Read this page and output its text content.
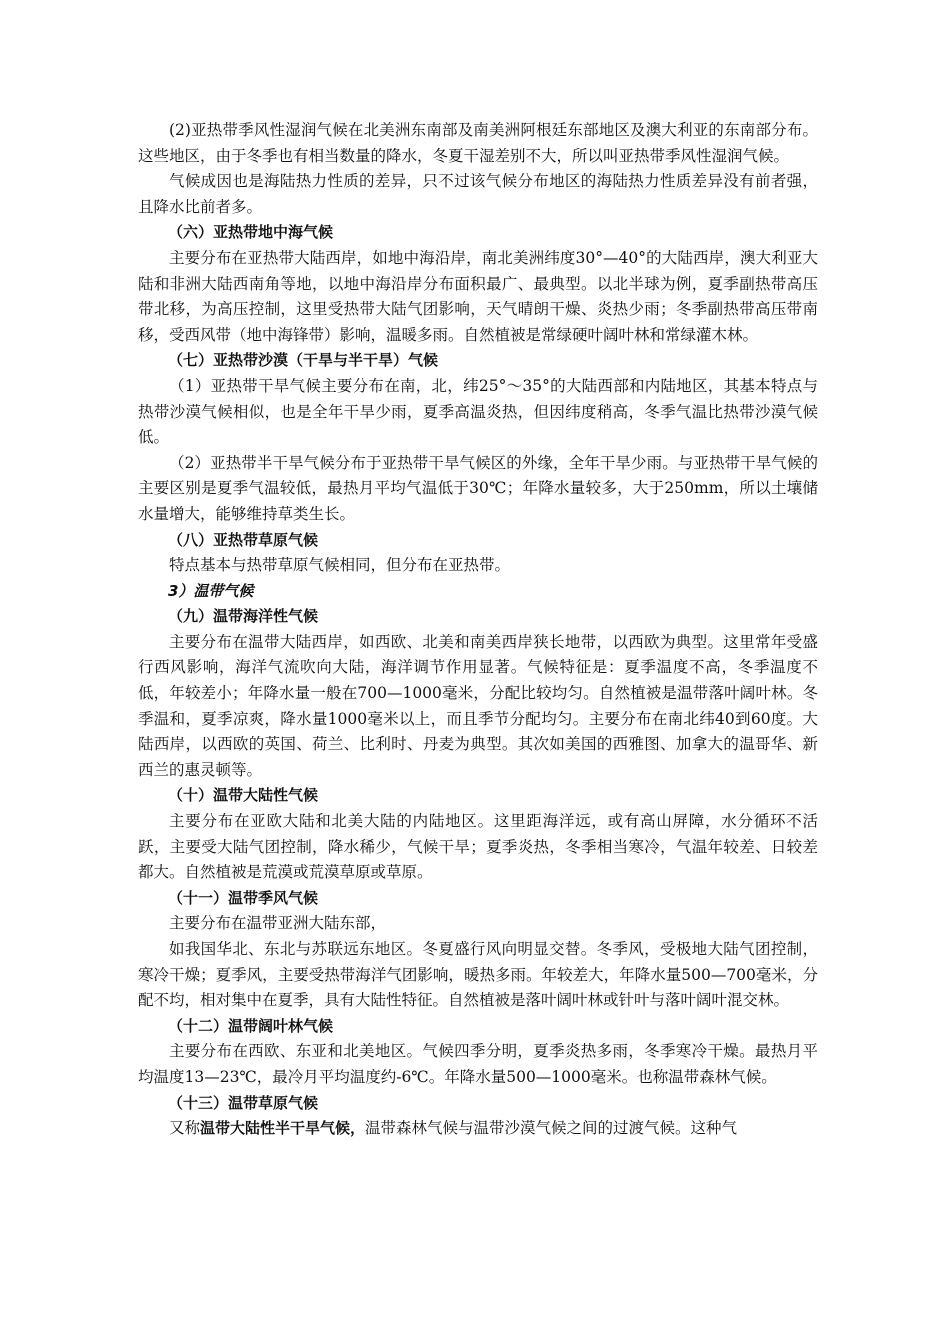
(2)亚热带季风性湿润气候在北美洲东南部及南美洲阿根廷东部地区及澳大利亚的东南部分布。这些地区，由于冬季也有相当数量的降水，冬夏干湿差别不大，所以叫亚热带季风性湿润气候。

气候成因也是海陆热力性质的差异，只不过该气候分布地区的海陆热力性质差异没有前者强，且降水比前者多。

（六）亚热带地中海气候

主要分布在亚热带大陆西岸，如地中海沿岸，南北美洲纬度30°—40°的大陆西岸，澳大利亚大陆和非洲大陆西南角等地，以地中海沿岸分布面积最广、最典型。以北半球为例，夏季副热带高压带北移，为高压控制，这里受热带大陆气团影响，天气晴朗干燥、炎热少雨；冬季副热带高压带南移，受西风带（地中海锋带）影响，温暖多雨。自然植被是常绿硬叶阔叶林和常绿灌木林。

（七）亚热带沙漠（干旱与半干旱）气候

（1）亚热带干旱气候主要分布在南，北，纬25°～35°的大陆西部和内陆地区，其基本特点与热带沙漠气候相似，也是全年干旱少雨，夏季高温炎热，但因纬度稍高，冬季气温比热带沙漠气候低。

（2）亚热带半干旱气候分布于亚热带干旱气候区的外缘，全年干旱少雨。与亚热带干旱气候的主要区别是夏季气温较低，最热月平均气温低于30℃；年降水量较多，大于250mm，所以土壤储水量增大，能够维持草类生长。

（八）亚热带草原气候

特点基本与热带草原气候相同，但分布在亚热带。

3）温带气候

（九）温带海洋性气候

主要分布在温带大陆西岸，如西欧、北美和南美西岸狭长地带，以西欧为典型。这里常年受盛行西风影响，海洋气流吹向大陆，海洋调节作用显著。气候特征是：夏季温度不高，冬季温度不低，年较差小；年降水量一般在700—1000毫米，分配比较均匀。自然植被是温带落叶阔叶林。冬季温和，夏季凉爽，降水量1000毫米以上，而且季节分配均匀。主要分布在南北纬40到60度。大陆西岸，以西欧的英国、荷兰、比利时、丹麦为典型。其次如美国的西雅图、加拿大的温哥华、新西兰的惠灵顿等。

（十）温带大陆性气候

主要分布在亚欧大陆和北美大陆的内陆地区。这里距海洋远，或有高山屏障，水分循环不活跃，主要受大陆气团控制，降水稀少，气候干旱；夏季炎热，冬季相当寒冷，气温年较差、日较差都大。自然植被是荒漠或荒漠草原或草原。

（十一）温带季风气候

主要分布在温带亚洲大陆东部，

如我国华北、东北与苏联远东地区。冬夏盛行风向明显交替。冬季风，受极地大陆气团控制，寒冷干燥；夏季风，主要受热带海洋气团影响，暖热多雨。年较差大，年降水量500—700毫米，分配不均，相对集中在夏季，具有大陆性特征。自然植被是落叶阔叶林或针叶与落叶阔叶混交林。

（十二）温带阔叶林气候

主要分布在西欧、东亚和北美地区。气候四季分明，夏季炎热多雨，冬季寒冷干燥。最热月平均温度13—23℃，最冷月平均温度约-6℃。年降水量500—1000毫米。也称温带森林气候。

（十三）温带草原气候

又称温带大陆性半干旱气候，温带森林气候与温带沙漠气候之间的过渡气候。这种气
